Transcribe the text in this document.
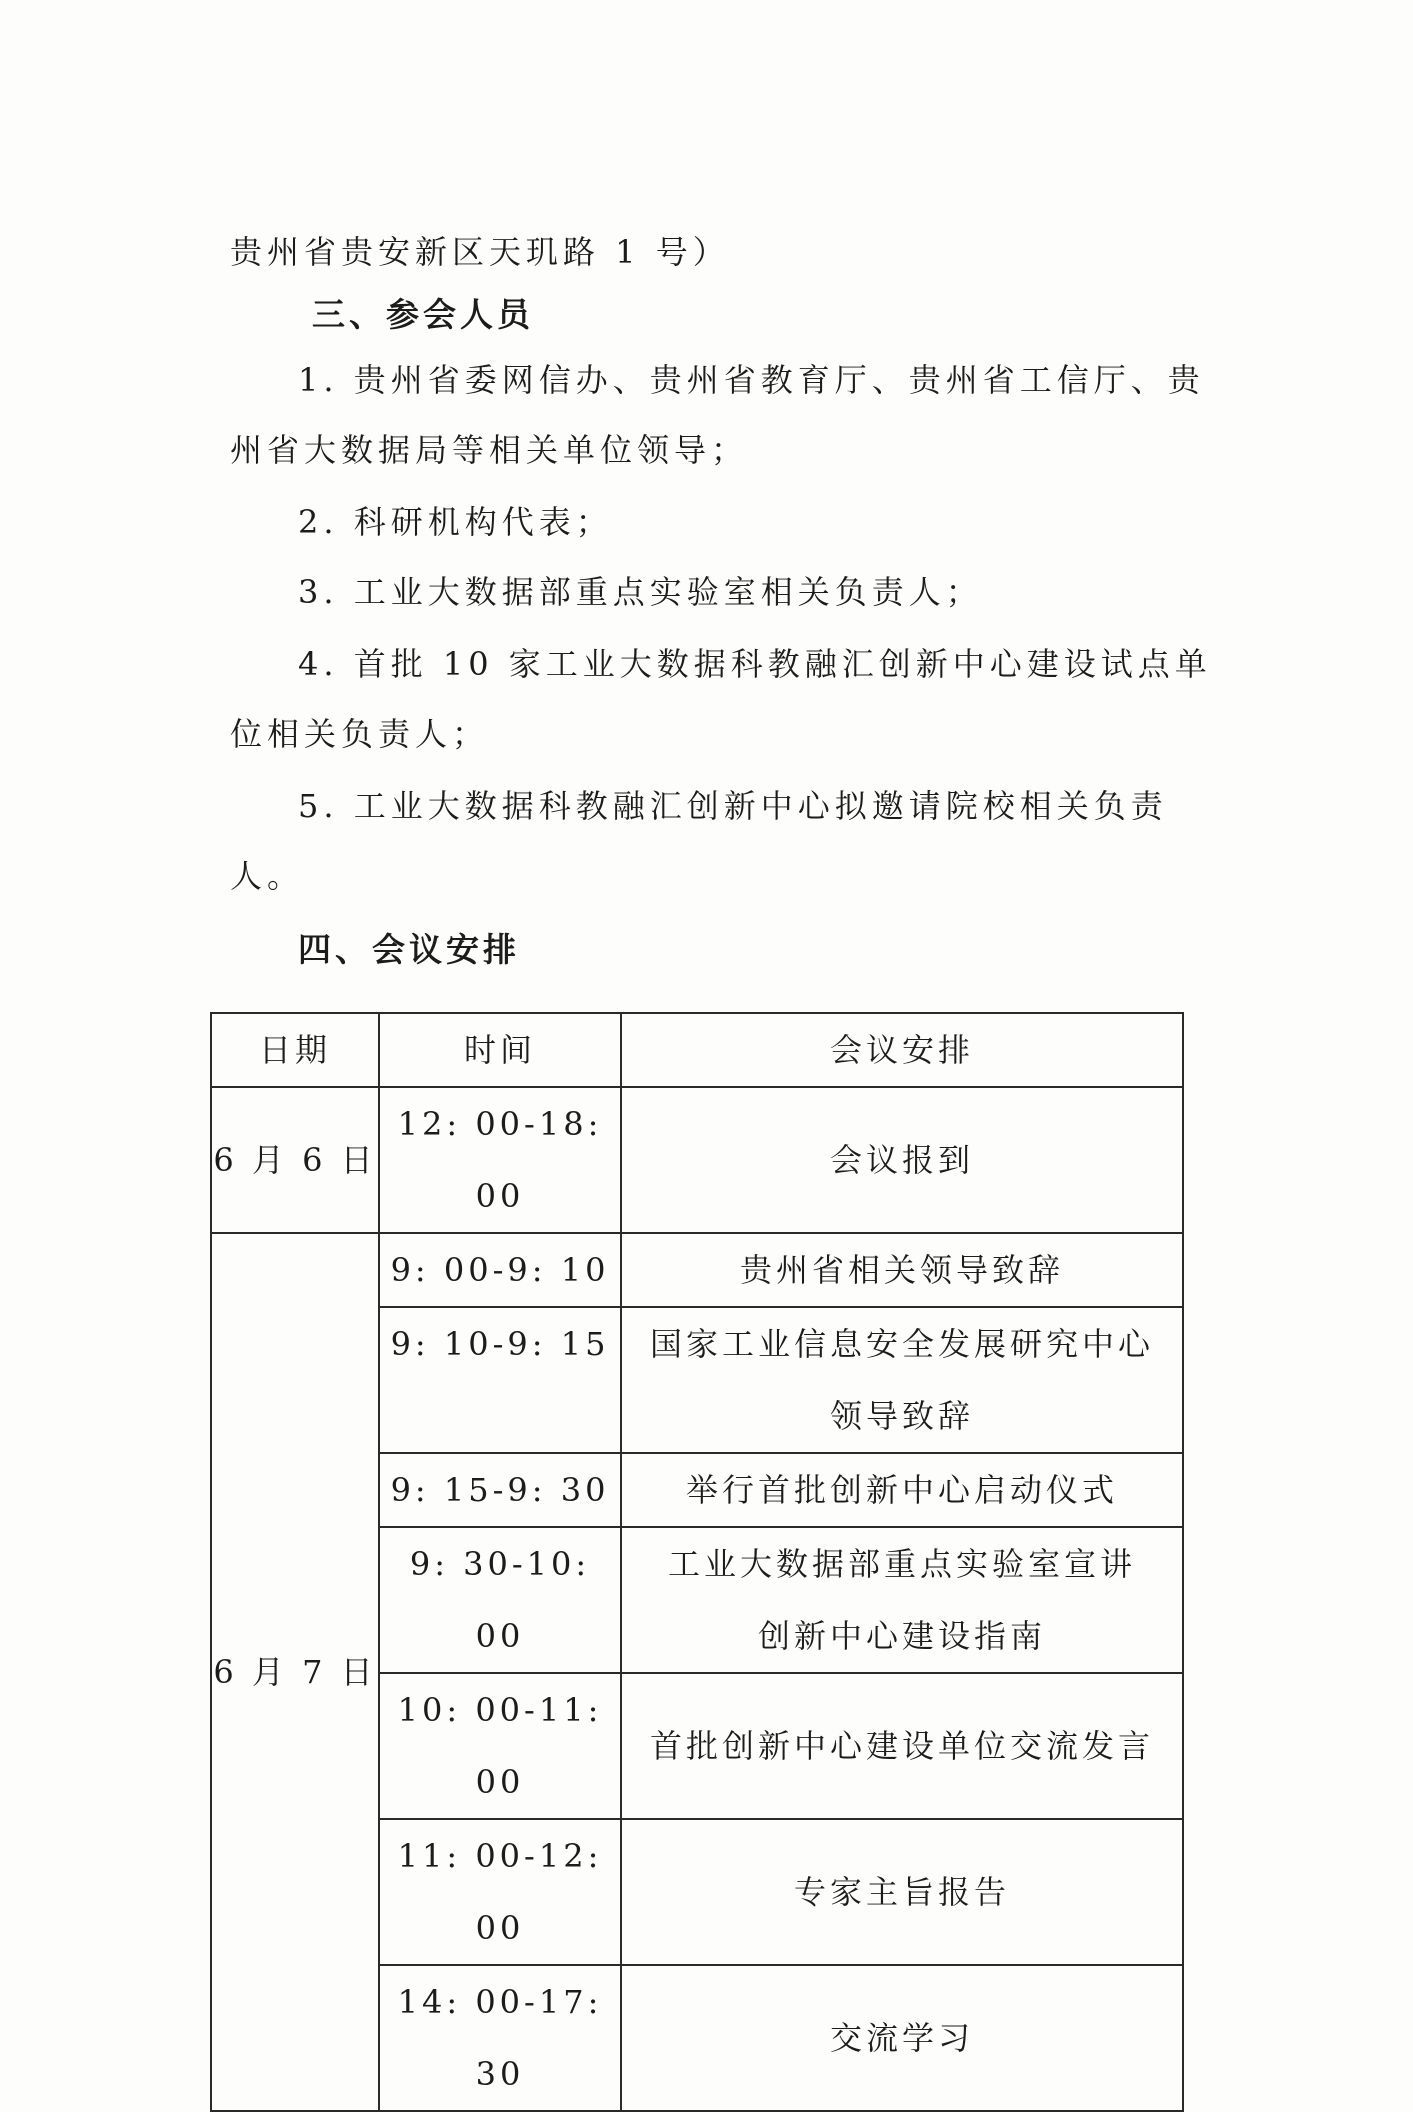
贵州省贵安新区天玑路 1 号）
三、参会人员
1. 贵州省委网信办、贵州省教育厅、贵州省工信厅、贵
州省大数据局等相关单位领导；
2. 科研机构代表；
3. 工业大数据部重点实验室相关负责人；
4. 首批 10 家工业大数据科教融汇创新中心建设试点单
位相关负责人；
5. 工业大数据科教融汇创新中心拟邀请院校相关负责
人。
四、会议安排
日期	时间	会议安排
6 月 6 日	12: 00-18: 00	会议报到
6 月 7 日	9: 00-9: 10	贵州省相关领导致辞

	9: 10-9: 15	国家工业信息安全发展研究中心
领导致辞

	9: 15-9: 30	举行首批创新中心启动仪式

	9: 30-10: 00	工业大数据部重点实验室宣讲
创新中心建设指南

	10: 00-11: 00	首批创新中心建设单位交流发言
	11: 00-12: 00	专家主旨报告
	14: 00-17: 30	交流学习
